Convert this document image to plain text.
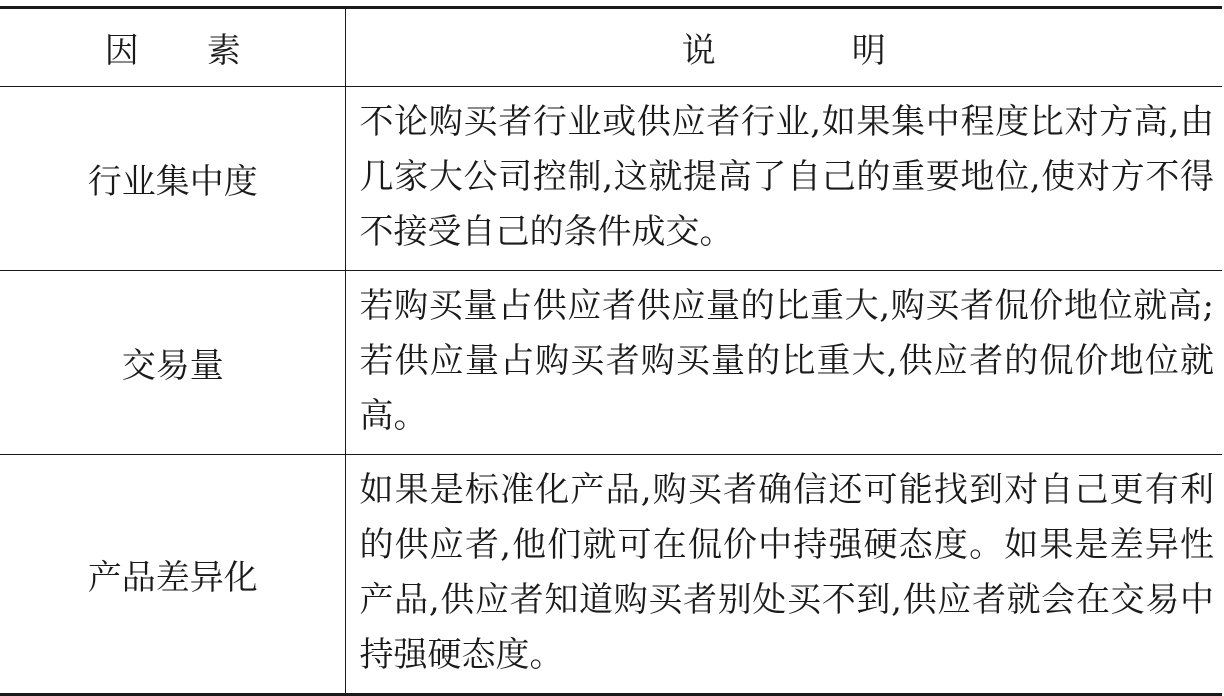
因　　素	说　　　　明
行业集中度	不论购买者行业或供应者行业,如果集中程度比对方高,由几家大公司控制,这就提高了自己的重要地位,使对方不得不接受自己的条件成交。
交易量	若购买量占供应者供应量的比重大,购买者侃价地位就高;若供应量占购买者购买量的比重大,供应者的侃价地位就高。
产品差异化	如果是标准化产品,购买者确信还可能找到对自己更有利的供应者,他们就可在侃价中持强硬态度。如果是差异性产品,供应者知道购买者别处买不到,供应者就会在交易中持强硬态度。
